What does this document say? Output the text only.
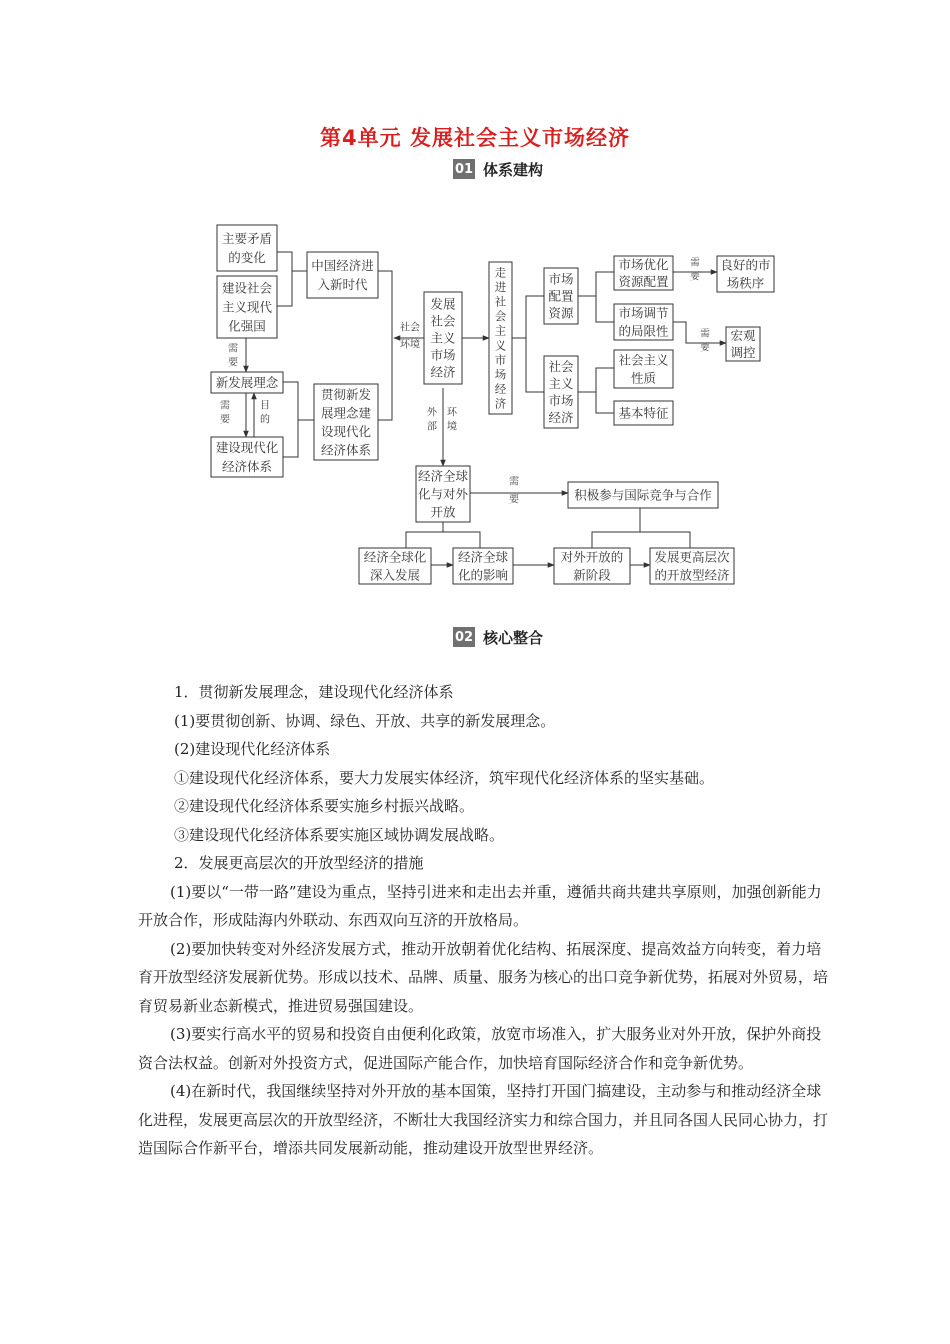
第4单元 发展社会主义市场经济
01 体系建构
主要矛盾
的变化
建设社会
主义现代
化强国
中国经济进
入新时代
发展
社会
主义
市场
经济
走
进
社
会
主
义
市
场
经
济
市场
配置
资源
市场优化
资源配置
良好的市
场秩序
市场调节
的局限性	宏观
调控
社会
主义
市场
经济
社会主义
性质
基本特征
新发展理念
贯彻新发
展理念建
设现代化
经济体系
建设现代化
经济体系
经济全球
化与对外
开放
积极参与国际竞争与合作
经济全球化
深入发展
经济全球
化的影响
对外开放的
新阶段
发展更高层次
的开放型经济
需
要
需
要
需
要
目
的
需
要
需
要
社会
环境
外
部
环
境
02 核心整合

1．贯彻新发展理念，建设现代化经济体系

(1)要贯彻创新、协调、绿色、开放、共享的新发展理念。

(2)建设现代化经济体系

①建设现代化经济体系，要大力发展实体经济，筑牢现代化经济体系的坚实基础。

②建设现代化经济体系要实施乡村振兴战略。

③建设现代化经济体系要实施区域协调发展战略。

2．发展更高层次的开放型经济的措施

(1)要以“一带一路”建设为重点，坚持引进来和走出去并重，遵循共商共建共享原则，加强创新能力开放合作，形成陆海内外联动、东西双向互济的开放格局。

(2)要加快转变对外经济发展方式，推动开放朝着优化结构、拓展深度、提高效益方向转变，着力培育开放型经济发展新优势。形成以技术、品牌、质量、服务为核心的出口竞争新优势，拓展对外贸易，培育贸易新业态新模式，推进贸易强国建设。

(3)要实行高水平的贸易和投资自由便利化政策，放宽市场准入，扩大服务业对外开放，保护外商投资合法权益。创新对外投资方式，促进国际产能合作，加快培育国际经济合作和竞争新优势。

(4)在新时代，我国继续坚持对外开放的基本国策，坚持打开国门搞建设，主动参与和推动经济全球化进程，发展更高层次的开放型经济，不断壮大我国经济实力和综合国力，并且同各国人民同心协力，打造国际合作新平台，增添共同发展新动能，推动建设开放型世界经济。
